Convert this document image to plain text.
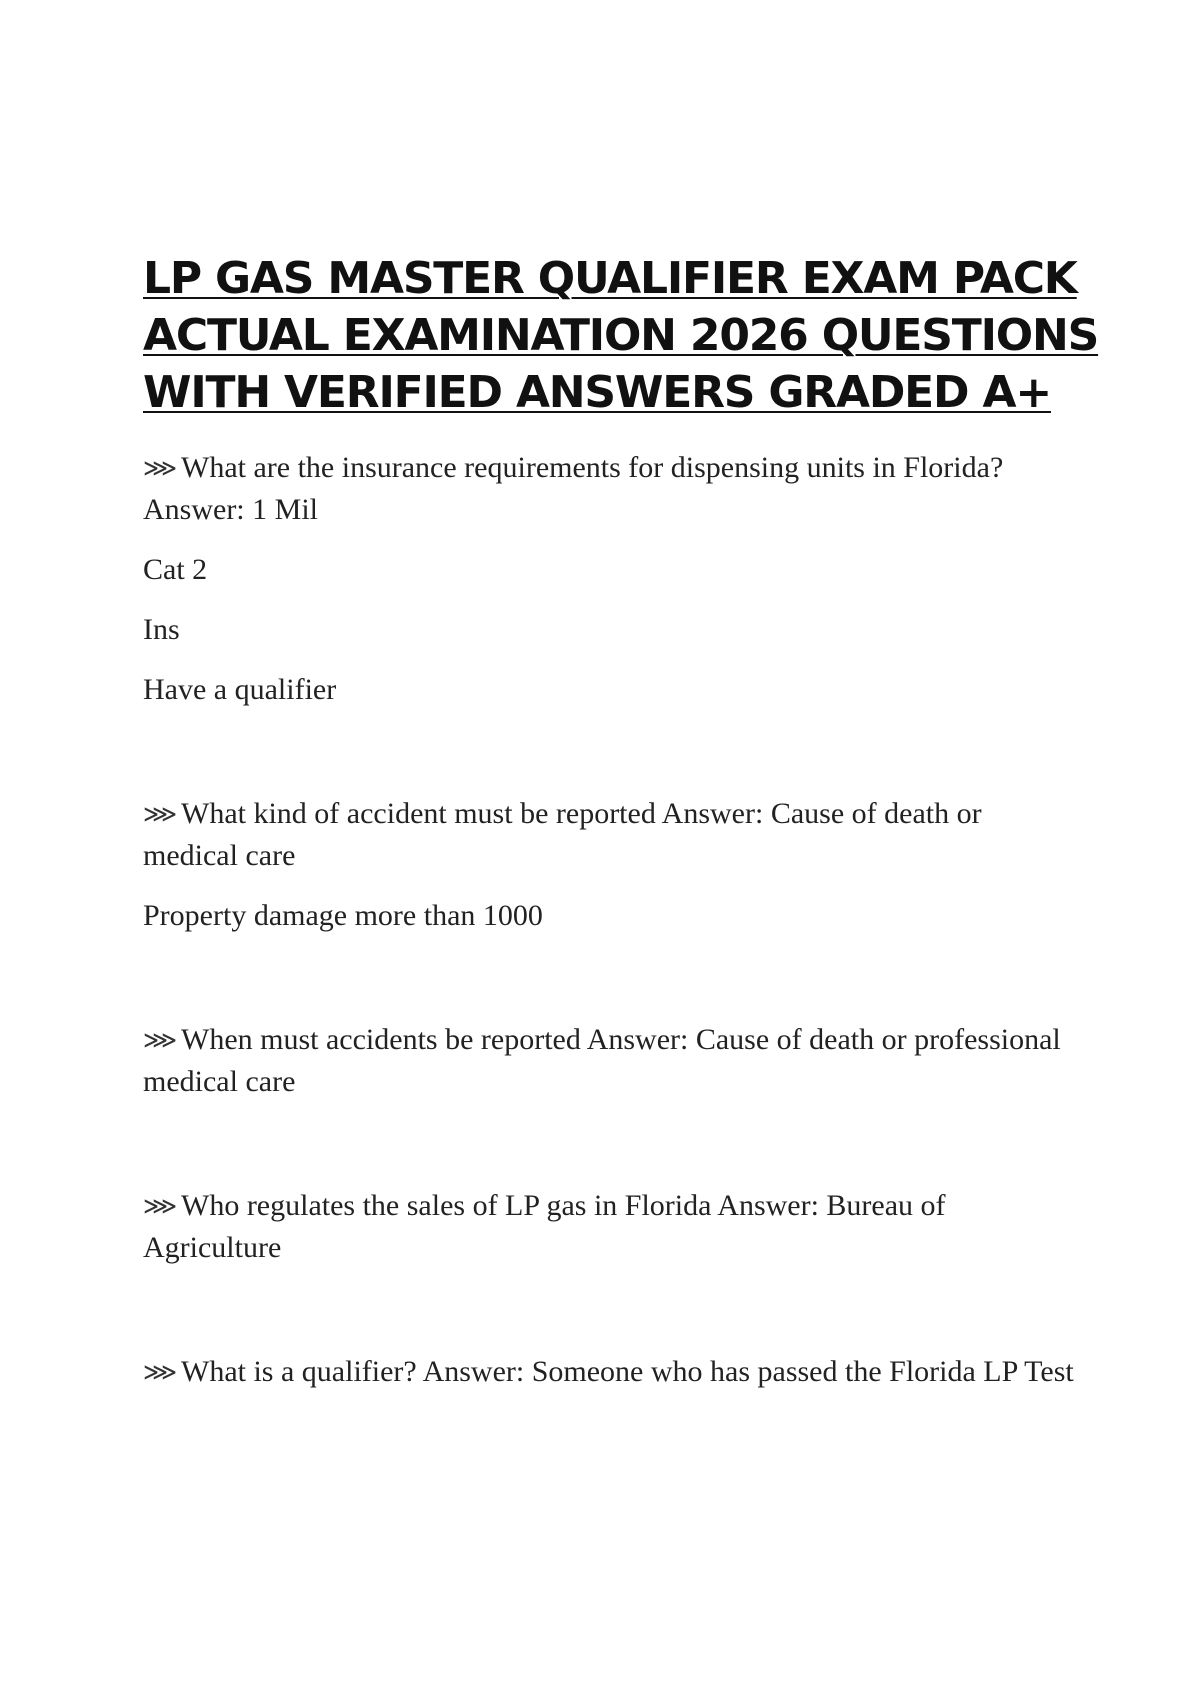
LP GAS MASTER QUALIFIER EXAM PACK
ACTUAL EXAMINATION 2026 QUESTIONS
WITH VERIFIED ANSWERS GRADED A+

⋙ What are the insurance requirements for dispensing units in Florida? Answer: 1 Mil

Cat 2

Ins

Have a qualifier

⋙ What kind of accident must be reported Answer: Cause of death or medical care

Property damage more than 1000

⋙ When must accidents be reported Answer: Cause of death or professional medical care

⋙ Who regulates the sales of LP gas in Florida Answer: Bureau of Agriculture

⋙ What is a qualifier? Answer: Someone who has passed the Florida LP Test
